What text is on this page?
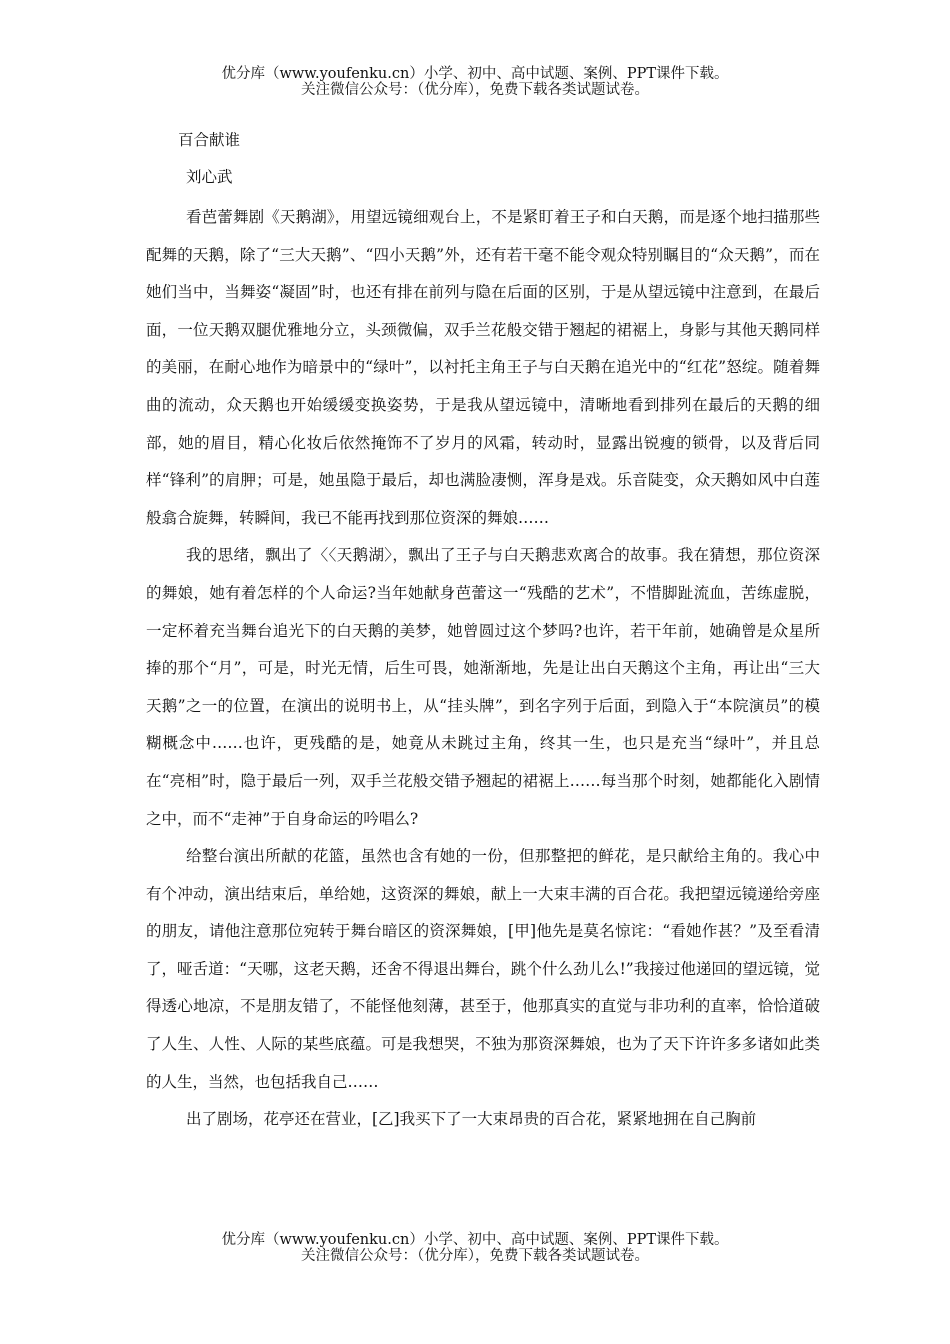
优分库（www.youfenku.cn）小学、初中、高中试题、案例、PPT课件下载。
关注微信公众号：（优分库），免费下载各类试题试卷。
百合献谁
刘心武

看芭蕾舞剧《天鹅湖》，用望远镜细观台上，不是紧盯着王子和白天鹅，而是逐个地扫描那些配舞的天鹅，除了“三大天鹅”、“四小天鹅”外，还有若干毫不能令观众特别瞩目的“众天鹅”，而在她们当中，当舞姿“凝固”时，也还有排在前列与隐在后面的区别，于是从望远镜中注意到，在最后面，一位天鹅双腿优雅地分立，头颈微偏，双手兰花般交错于翘起的裙裾上，身影与其他天鹅同样的美丽，在耐心地作为暗景中的“绿叶”，以衬托主角王子与白天鹅在追光中的“红花”怒绽。随着舞曲的流动，众天鹅也开始缓缓变换姿势，于是我从望远镜中，清晰地看到排列在最后的天鹅的细部，她的眉目，精心化妆后依然掩饰不了岁月的风霜，转动时，显露出锐瘦的锁骨，以及背后同样“锋利”的肩胛；可是，她虽隐于最后，却也满脸凄恻，浑身是戏。乐音陡变，众天鹅如风中白莲般翕合旋舞，转瞬间，我已不能再找到那位资深的舞娘……

我的思绪，飘出了〈〈天鹅湖〉，飘出了王子与白天鹅悲欢离合的故事。我在猜想，那位资深的舞娘，她有着怎样的个人命运?当年她献身芭蕾这一“残酷的艺术”，不惜脚趾流血，苦练虚脱，一定杯着充当舞台追光下的白天鹅的美梦，她曾圆过这个梦吗?也许，若干年前，她确曾是众星所捧的那个“月”，可是，时光无情，后生可畏，她渐渐地，先是让出白天鹅这个主角，再让出“三大天鹅”之一的位置，在演出的说明书上，从“挂头牌”，到名字列于后面，到隐入于“本院演员”的模糊概念中……也许，更残酷的是，她竟从未跳过主角，终其一生，也只是充当“绿叶”，并且总在“亮相”时，隐于最后一列，双手兰花般交错予翘起的裙裾上……每当那个时刻，她都能化入剧情之中，而不“走神”于自身命运的吟唱么?

给整台演出所献的花篮，虽然也含有她的一份，但那整把的鲜花，是只献给主角的。我心中有个冲动，演出结束后，单给她，这资深的舞娘，献上一大束丰满的百合花。我把望远镜递给旁座的朋友，请他注意那位宛转于舞台暗区的资深舞娘，[甲]他先是莫名惊诧：“看她作甚？”及至看清了，哑舌道：“天哪，这老天鹅，还舍不得退出舞台，跳个什么劲儿么!”我接过他递回的望远镜，觉得透心地凉，不是朋友错了，不能怪他刻薄，甚至于，他那真实的直觉与非功利的直率，恰恰道破了人生、人性、人际的某些底蕴。可是我想哭，不独为那资深舞娘，也为了天下许许多多诸如此类的人生，当然，也包括我自己……

出了剧场，花亭还在营业，[乙]我买下了一大束昂贵的百合花，紧紧地拥在自己胸前

优分库（www.youfenku.cn）小学、初中、高中试题、案例、PPT课件下载。
关注微信公众号：（优分库），免费下载各类试题试卷。
